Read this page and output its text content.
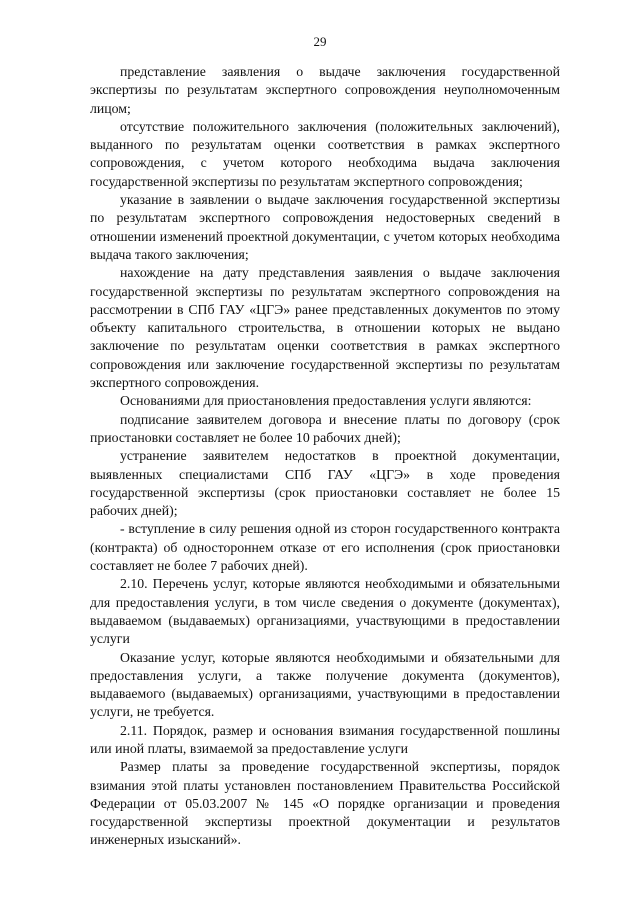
29

представление заявления о выдаче заключения государственной экспертизы по результатам экспертного сопровождения неуполномоченным лицом;

отсутствие положительного заключения (положительных заключений), выданного по результатам оценки соответствия в рамках экспертного сопровождения, с учетом которого необходима выдача заключения государственной экспертизы по результатам экспертного сопровождения;

указание в заявлении о выдаче заключения государственной экспертизы по результатам экспертного сопровождения недостоверных сведений в отношении изменений проектной документации, с учетом которых необходима выдача такого заключения;

нахождение на дату представления заявления о выдаче заключения государственной экспертизы по результатам экспертного сопровождения на рассмотрении в СПб ГАУ «ЦГЭ» ранее представленных документов по этому объекту капитального строительства, в отношении которых не выдано заключение по результатам оценки соответствия в рамках экспертного сопровождения или заключение государственной экспертизы по результатам экспертного сопровождения.

Основаниями для приостановления предоставления услуги являются:

подписание заявителем договора и внесение платы по договору (срок приостановки составляет не более 10 рабочих дней);

устранение заявителем недостатков в проектной документации, выявленных специалистами СПб ГАУ «ЦГЭ» в ходе проведения государственной экспертизы (срок приостановки составляет не более 15 рабочих дней);

- вступление в силу решения одной из сторон государственного контракта (контракта) об одностороннем отказе от его исполнения (срок приостановки составляет не более 7 рабочих дней).

2.10. Перечень услуг, которые являются необходимыми и обязательными для предоставления услуги, в том числе сведения о документе (документах), выдаваемом (выдаваемых) организациями, участвующими в предоставлении услуги

Оказание услуг, которые являются необходимыми и обязательными для предоставления услуги, а также получение документа (документов), выдаваемого (выдаваемых) организациями, участвующими в предоставлении услуги, не требуется.

2.11. Порядок, размер и основания взимания государственной пошлины или иной платы, взимаемой за предоставление услуги

Размер платы за проведение государственной экспертизы, порядок взимания этой платы установлен постановлением Правительства Российской Федерации от 05.03.2007 № 145 «О порядке организации и проведения государственной экспертизы проектной документации и результатов инженерных изысканий».
